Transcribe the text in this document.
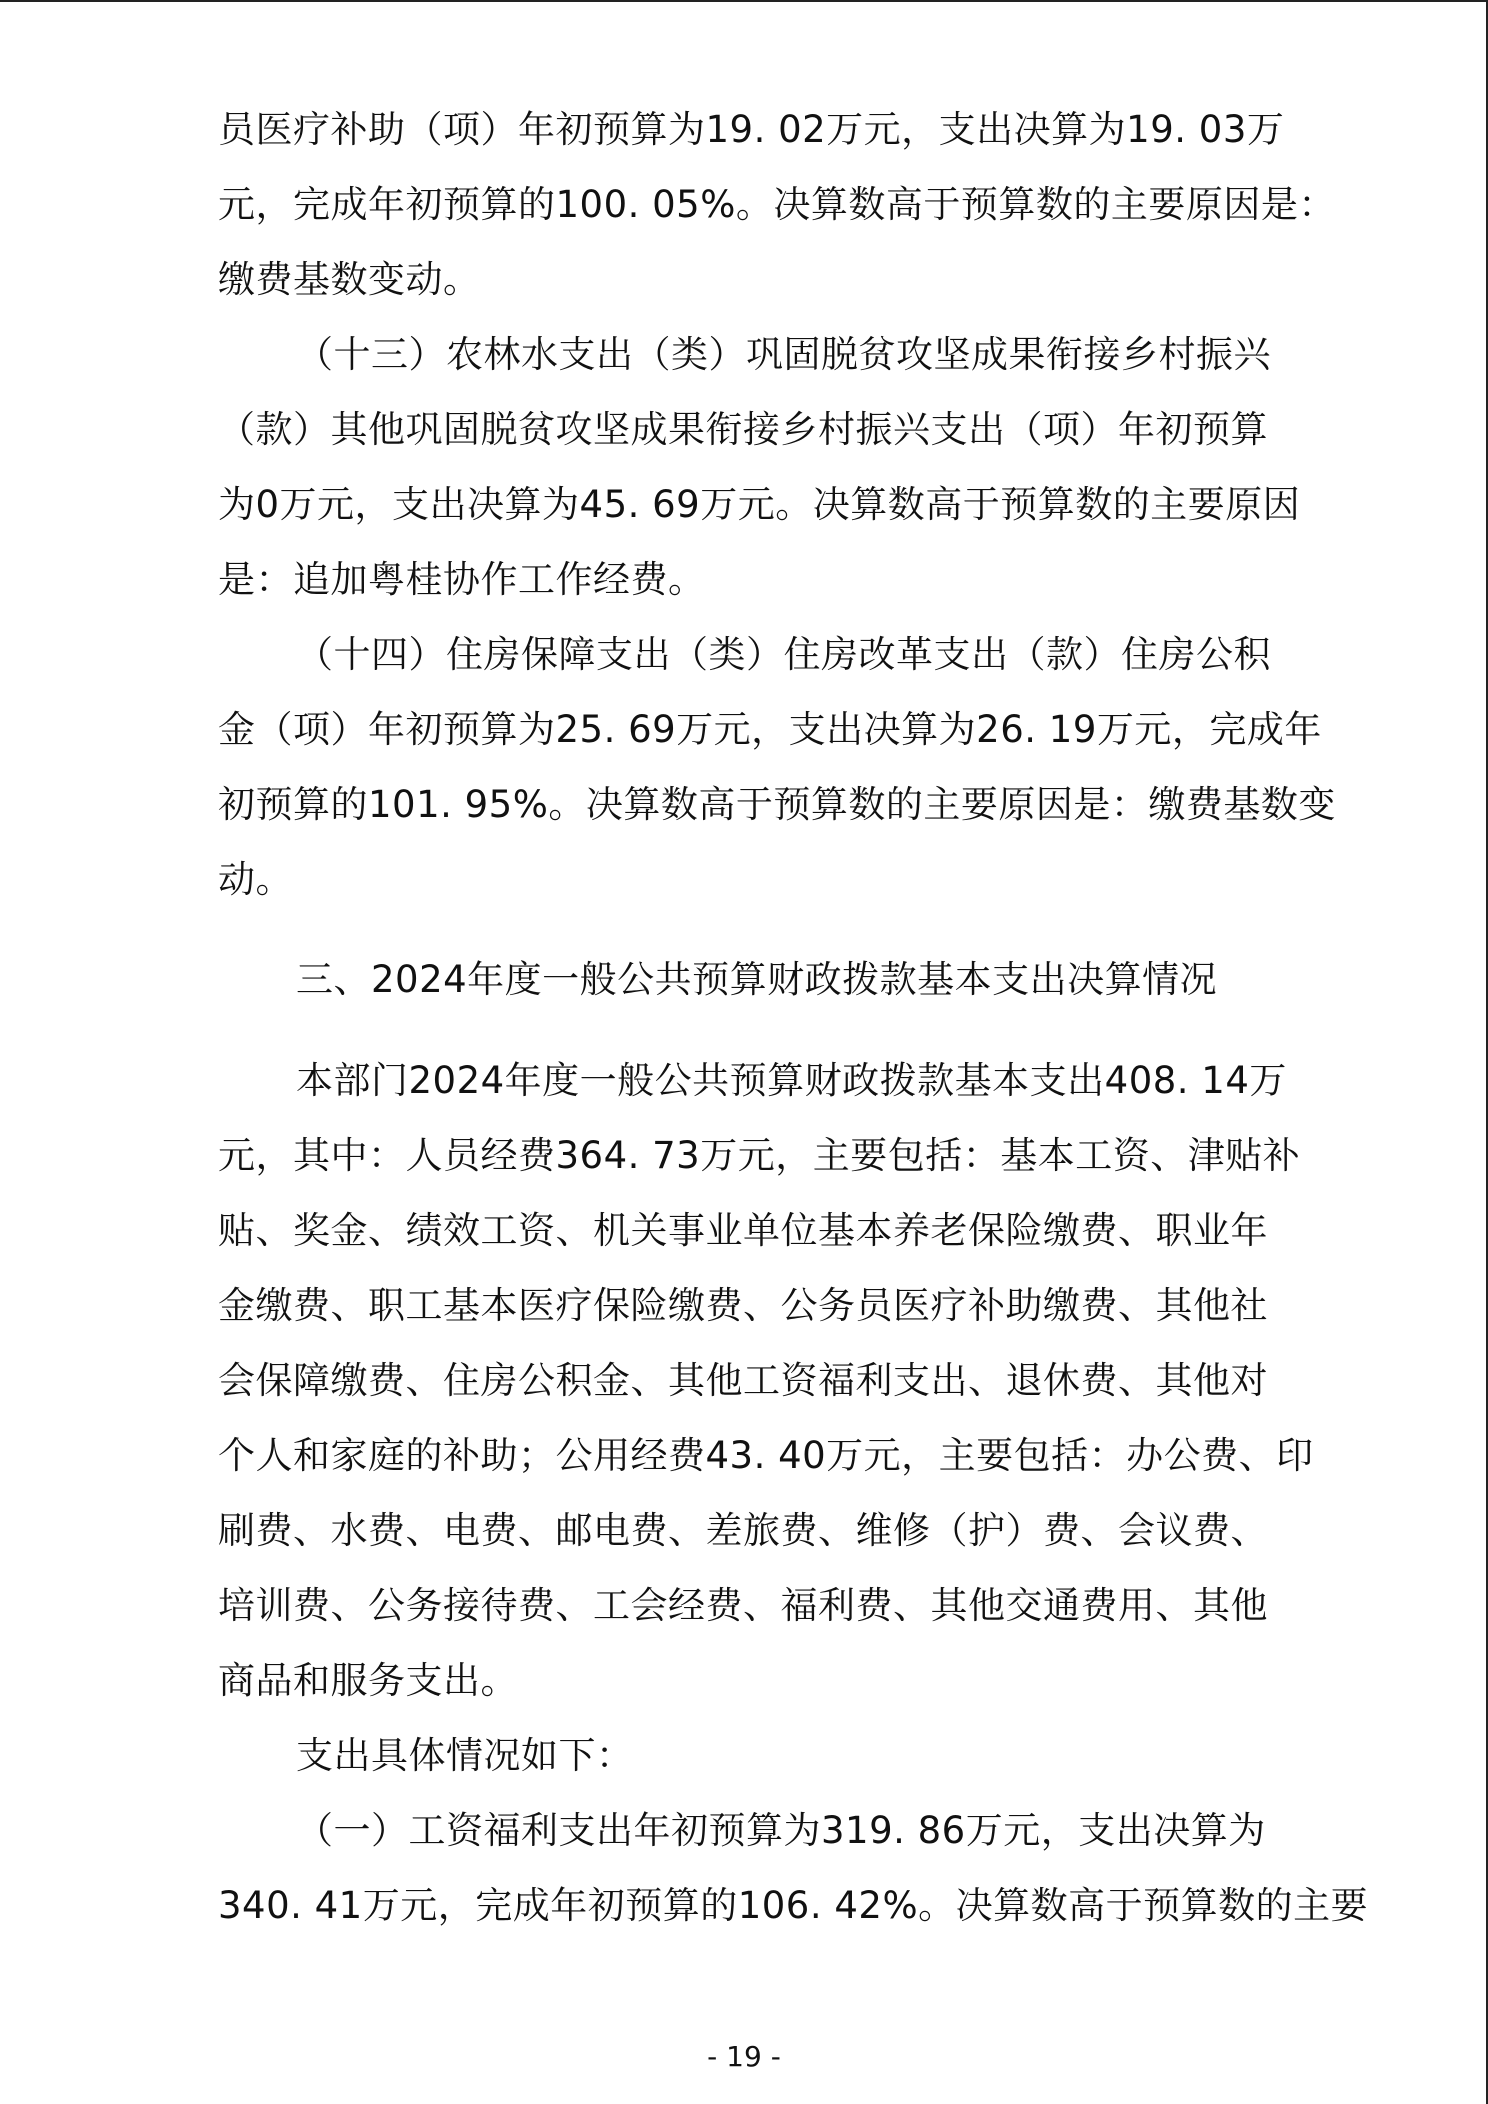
员医疗补助（项）年初预算为19. 02万元，支出决算为19. 03万
元，完成年初预算的100. 05%。决算数高于预算数的主要原因是：
缴费基数变动。
（十三）农林水支出（类）巩固脱贫攻坚成果衔接乡村振兴
（款）其他巩固脱贫攻坚成果衔接乡村振兴支出（项）年初预算
为0万元，支出决算为45. 69万元。决算数高于预算数的主要原因
是：追加粤桂协作工作经费。
（十四）住房保障支出（类）住房改革支出（款）住房公积
金（项）年初预算为25. 69万元，支出决算为26. 19万元，完成年
初预算的101. 95%。决算数高于预算数的主要原因是：缴费基数变
动。
三、2024年度一般公共预算财政拨款基本支出决算情况
本部门2024年度一般公共预算财政拨款基本支出408. 14万
元，其中：人员经费364. 73万元，主要包括：基本工资、津贴补
贴、奖金、绩效工资、机关事业单位基本养老保险缴费、职业年
金缴费、职工基本医疗保险缴费、公务员医疗补助缴费、其他社
会保障缴费、住房公积金、其他工资福利支出、退休费、其他对
个人和家庭的补助；公用经费43. 40万元，主要包括：办公费、印
刷费、水费、电费、邮电费、差旅费、维修（护）费、会议费、
培训费、公务接待费、工会经费、福利费、其他交通费用、其他
商品和服务支出。
支出具体情况如下：
（一）工资福利支出年初预算为319. 86万元，支出决算为
340. 41万元，完成年初预算的106. 42%。决算数高于预算数的主要
- 19 -
